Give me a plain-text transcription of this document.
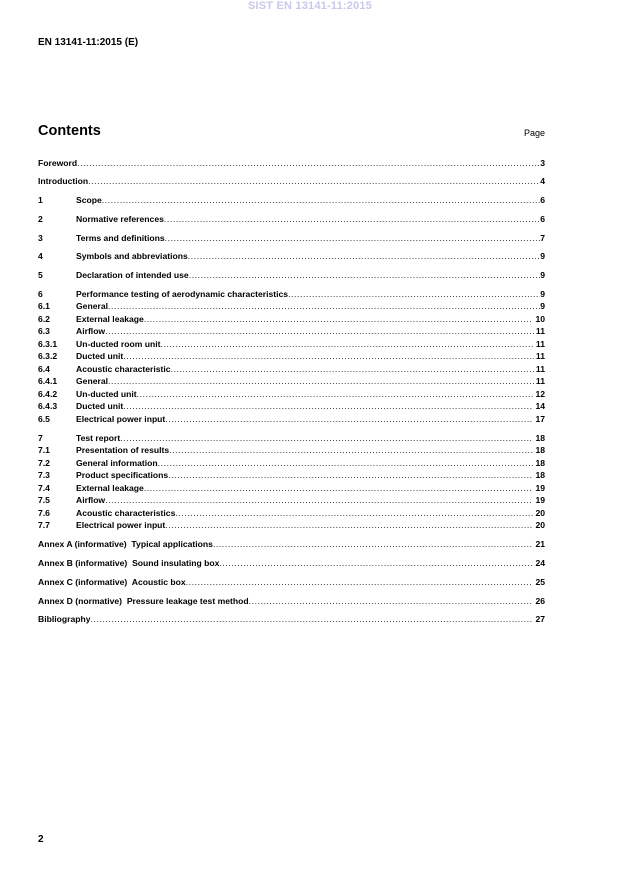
SIST EN 13141-11:2015
EN 13141-11:2015 (E)
Contents	Page
Foreword .....	3
Introduction .....	4
1	Scope .....	6
2	Normative references .....	6
3	Terms and definitions .....	7
4	Symbols and abbreviations .....	9
5	Declaration of intended use .....	9
6	Performance testing of aerodynamic characteristics .....	9
6.1	General .....	9
6.2	External leakage .....	10
6.3	Airflow .....	11
6.3.1	Un-ducted room unit .....	11
6.3.2	Ducted unit .....	11
6.4	Acoustic characteristic .....	11
6.4.1	General .....	11
6.4.2	Un-ducted unit .....	12
6.4.3	Ducted unit .....	14
6.5	Electrical power input .....	17
7	Test report .....	18
7.1	Presentation of results .....	18
7.2	General information .....	18
7.3	Product specifications .....	18
7.4	External leakage .....	19
7.5	Airflow .....	19
7.6	Acoustic characteristics .....	20
7.7	Electrical power input .....	20
Annex A (informative)  Typical applications .....	21
Annex B (informative)  Sound insulating box .....	24
Annex C (informative)  Acoustic box .....	25
Annex D (normative)  Pressure leakage test method .....	26
Bibliography .....	27
2
